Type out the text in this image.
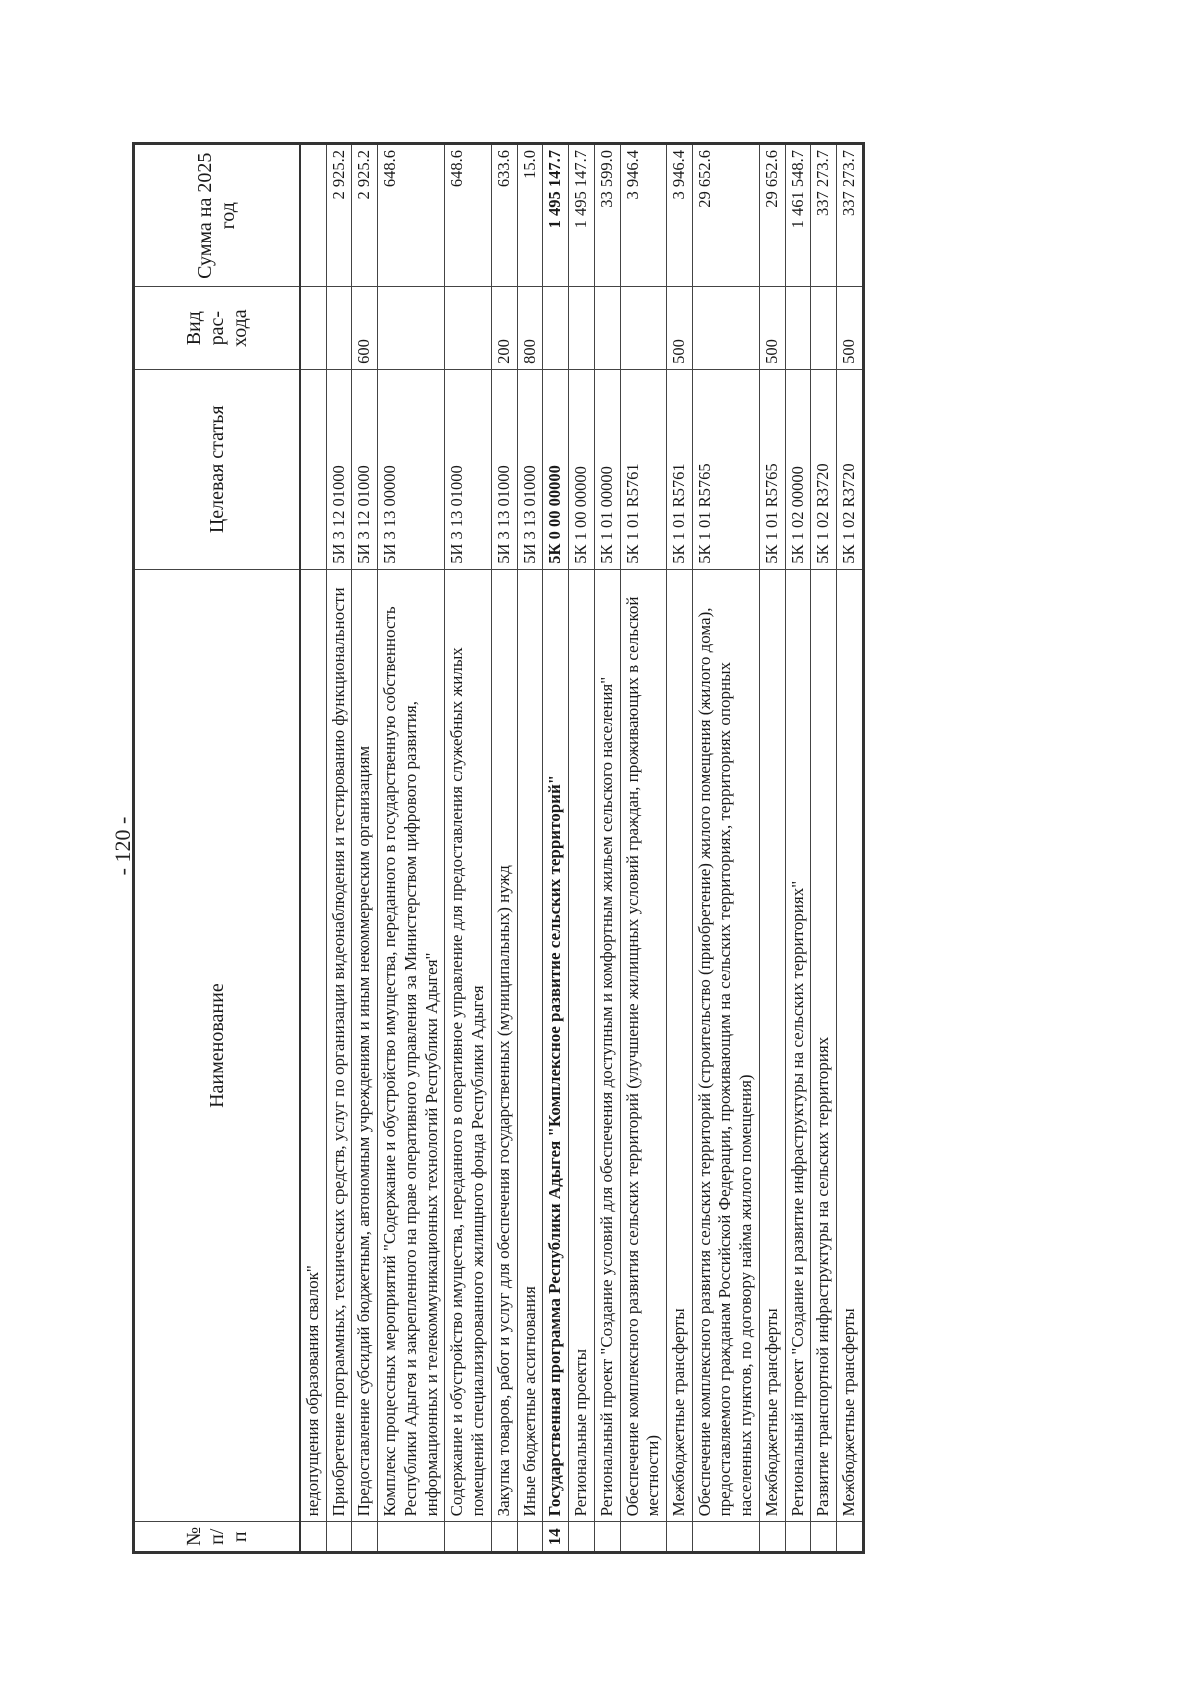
- 120 -
№ п/п	Наименование	Целевая статья	Вид рас-хода	Сумма на 2025 год
	недопущения образования свалок"			
	Приобретение программных, технических средств, услуг по организации видеонаблюдения и тестированию функциональности	5И 3 12 01000		2 925.2
	Предоставление субсидий бюджетным, автономным учреждениям и иным некоммерческим организациям	5И 3 12 01000	600	2 925.2
	Комплекс процессных мероприятий "Содержание и обустройство имущества, переданного в государственную собственность Республики Адыгея и закрепленного на праве оперативного управления за Министерством цифрового развития, информационных и телекоммуникационных технологий Республики Адыгея"	5И 3 13 00000		648.6
	Содержание и обустройство имущества, переданного в оперативное управление для предоставления служебных жилых помещений специализированного жилищного фонда Республики Адыгея	5И 3 13 01000		648.6
	Закупка товаров, работ и услуг для обеспечения государственных (муниципальных) нужд	5И 3 13 01000	200	633.6
	Иные бюджетные ассигнования	5И 3 13 01000	800	15.0
14	Государственная программа Республики Адыгея "Комплексное развитие сельских территорий"	5К 0 00 00000		1 495 147.7
	Региональные проекты	5К 1 00 00000		1 495 147.7
	Региональный проект "Создание условий для обеспечения доступным и комфортным жильем сельского населения"	5К 1 01 00000		33 599.0
	Обеспечение комплексного развития сельских территорий (улучшение жилищных условий граждан, проживающих в сельской местности)	5К 1 01 R5761		3 946.4
	Межбюджетные трансферты	5К 1 01 R5761	500	3 946.4
	Обеспечение комплексного развития сельских территорий (строительство (приобретение) жилого помещения (жилого дома), предоставляемого гражданам Российской Федерации, проживающим на сельских территориях, территориях опорных населенных пунктов, по договору найма жилого помещения)	5К 1 01 R5765		29 652.6
	Межбюджетные трансферты	5К 1 01 R5765	500	29 652.6
	Региональный проект "Создание и развитие инфраструктуры на сельских территориях"	5К 1 02 00000		1 461 548.7
	Развитие транспортной инфраструктуры на сельских территориях	5К 1 02 R3720		337 273.7
	Межбюджетные трансферты	5К 1 02 R3720	500	337 273.7
